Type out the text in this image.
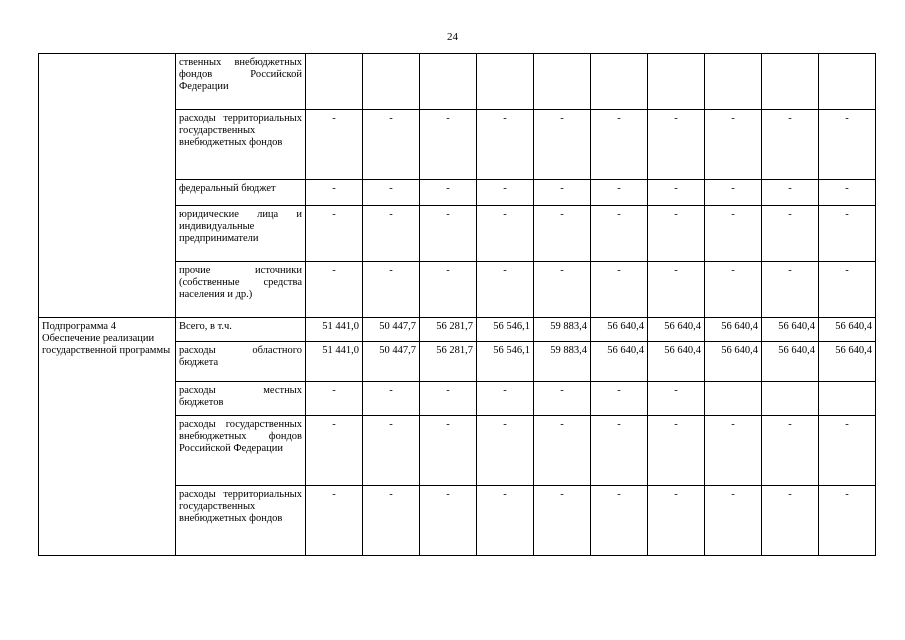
24
	ственных внебюджетных фондов Российской Федерации										
	расходы территориальных государственных внебюджетных фондов	-	-	-	-	-	-	-	-	-	-
	федеральный бюджет	-	-	-	-	-	-	-	-	-	-
	юридические лица и индивидуальные предприниматели	-	-	-	-	-	-	-	-	-	-
	прочие источники (собственные средства населения и др.)	-	-	-	-	-	-	-	-	-	-
Подпрограмма 4 Обеспечение реализации государственной программы	Всего, в т.ч.	51 441,0	50 447,7	56 281,7	56 546,1	59 883,4	56 640,4	56 640,4	56 640,4	56 640,4	56 640,4
	расходы областного бюджета	51 441,0	50 447,7	56 281,7	56 546,1	59 883,4	56 640,4	56 640,4	56 640,4	56 640,4	56 640,4
	расходы местных бюджетов	-	-	-	-	-	-	-			
	расходы государственных внебюджетных фондов Российской Федерации	-	-	-	-	-	-	-	-	-	-
	расходы территориальных государственных внебюджетных фондов	-	-	-	-	-	-	-	-	-	-
